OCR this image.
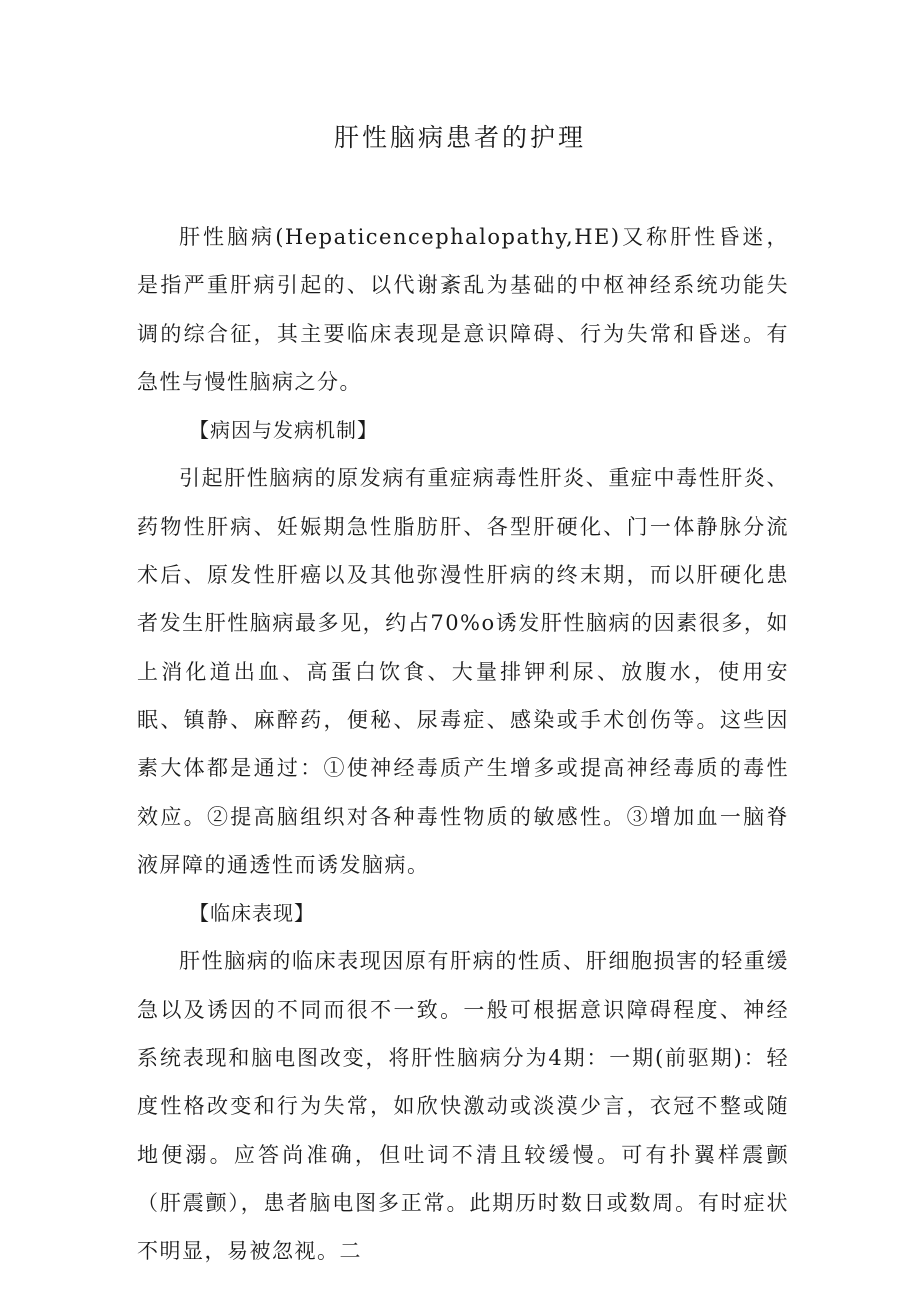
肝性脑病患者的护理

肝性脑病(Hepaticencephalopathy,HE)又称肝性昏迷，是指严重肝病引起的、以代谢紊乱为基础的中枢神经系统功能失调的综合征，其主要临床表现是意识障碍、行为失常和昏迷。有急性与慢性脑病之分。

【病因与发病机制】

引起肝性脑病的原发病有重症病毒性肝炎、重症中毒性肝炎、药物性肝病、妊娠期急性脂肪肝、各型肝硬化、门一体静脉分流术后、原发性肝癌以及其他弥漫性肝病的终末期，而以肝硬化患者发生肝性脑病最多见，约占70%o诱发肝性脑病的因素很多，如上消化道出血、高蛋白饮食、大量排钾利尿、放腹水，使用安眠、镇静、麻醉药，便秘、尿毒症、感染或手术创伤等。这些因素大体都是通过：①使神经毒质产生增多或提高神经毒质的毒性效应。②提高脑组织对各种毒性物质的敏感性。③增加血一脑脊液屏障的通透性而诱发脑病。

【临床表现】

肝性脑病的临床表现因原有肝病的性质、肝细胞损害的轻重缓急以及诱因的不同而很不一致。一般可根据意识障碍程度、神经系统表现和脑电图改变，将肝性脑病分为4期：一期(前驱期)：轻度性格改变和行为失常，如欣快激动或淡漠少言，衣冠不整或随地便溺。应答尚准确，但吐词不清且较缓慢。可有扑翼样震颤（肝震颤），患者脑电图多正常。此期历时数日或数周。有时症状不明显，易被忽视。二
